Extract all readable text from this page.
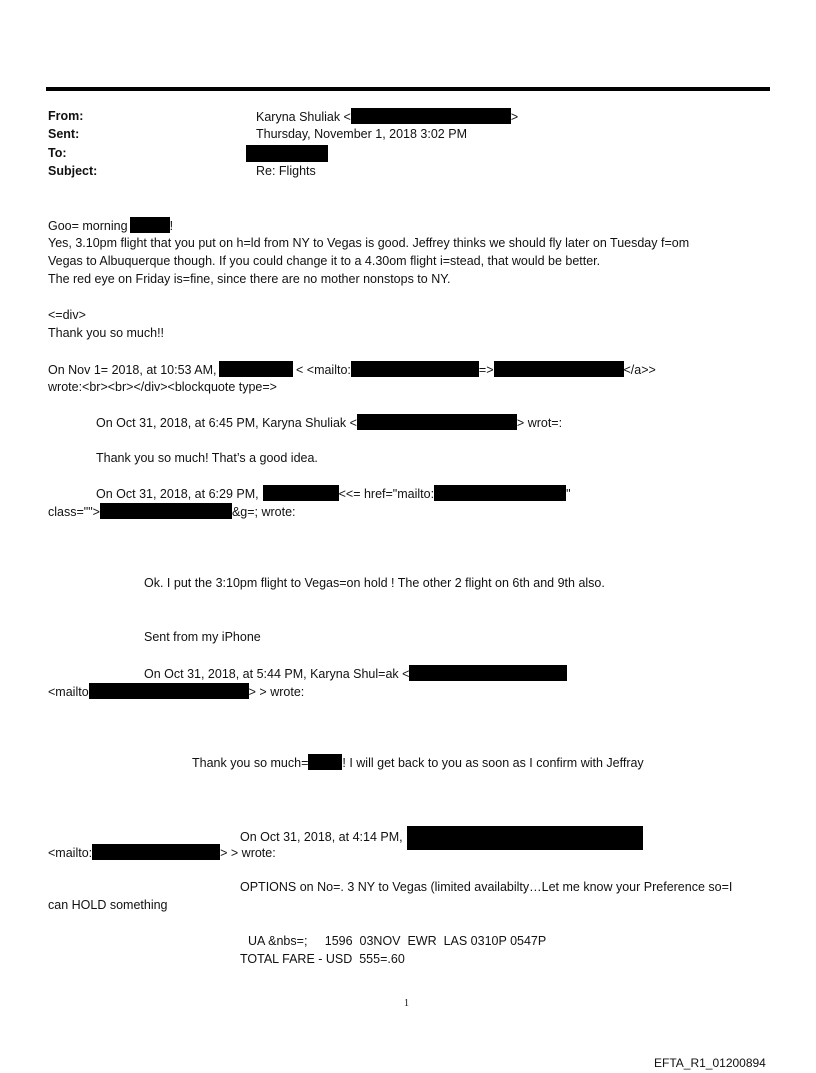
From:	Karyna Shuliak <	>
Sent:	Thursday, November 1, 2018 3:02 PM
To:
Subject:	Re: Flights
Goo= morning	!
Yes, 3.10pm flight that you put on h=ld from NY to Vegas is good. Jeffrey thinks we should fly later on Tuesday f=om
Vegas to Albuquerque though. If you could change it to a 4.30om flight i=stead, that would be better.
The red eye on Friday is=fine, since there are no mother nonstops to NY.
<=div>
Thank you so much!!
On Nov 1= 2018, at 10:53 AM,	< <mailto:	=>	</a>>
wrote:<br><br></div><blockquote type=>
On Oct 31, 2018, at 6:45 PM, Karyna Shuliak <	> wrot=:
Thank you so much! That’s a good idea.
On Oct 31, 2018, at 6:29 PM,	<<= href="mailto:	"
class="">	&g=; wrote:
Ok. I put the 3:10pm flight to Vegas=on hold ! The other 2 flight on 6th and 9th also.
Sent from my iPhone
On Oct 31, 2018, at 5:44 PM, Karyna Shul=ak <
<mailto	> > wrote:
Thank you so much=	! I will get back to you as soon as I confirm with Jeffray
On Oct 31, 2018, at 4:14 PM,
<mailto:	> > wrote:
OPTIONS on No=. 3 NY to Vegas (limited availabilty…Let me know your Preference so=I
can HOLD something
UA &nbs=;     1596  03NOV  EWR  LAS 0310P 0547P
TOTAL FARE - USD  555=.60
1
EFTA_R1_01200894
